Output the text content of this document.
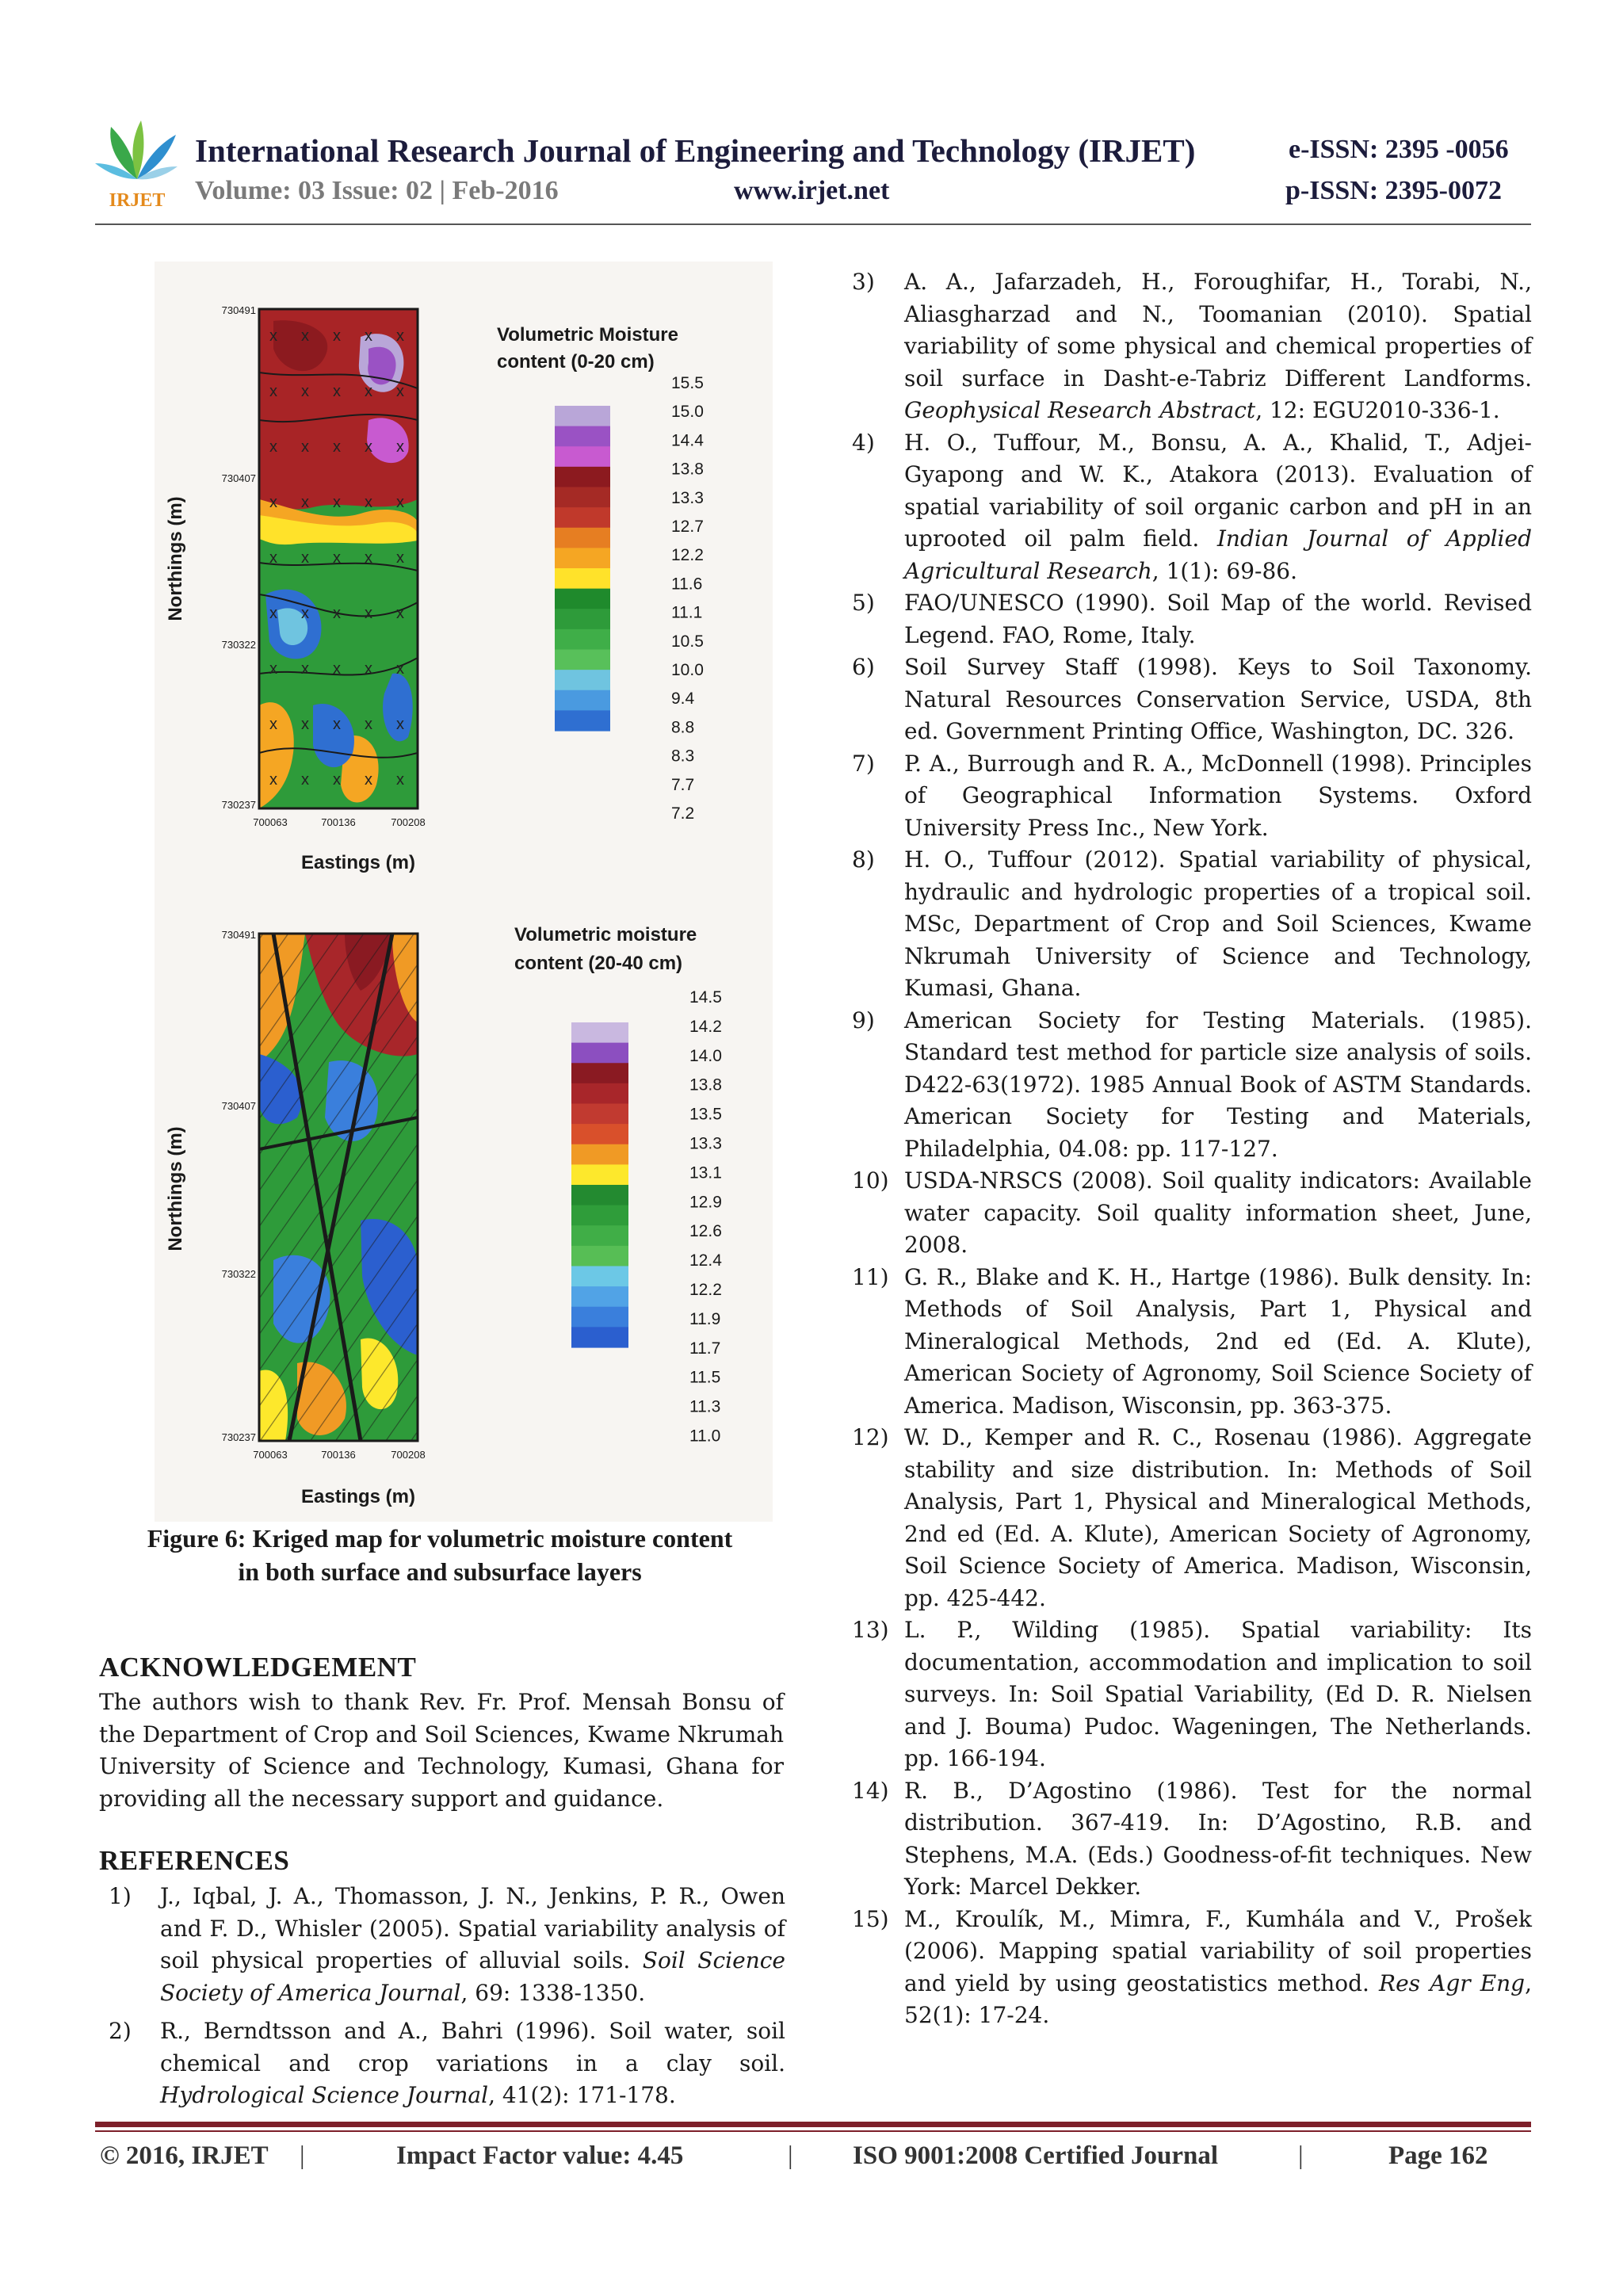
IRJET
International Research Journal of Engineering and Technology (IRJET)	e-ISSN: 2395 -0056
Volume: 03 Issue: 02 | Feb-2016	www.irjet.net	p-ISSN: 2395-0072
x x x x x
x x x x x
x x x x x
x x x x x
x x x x x
x x x x x
x x x x x
x x x x x
x x x x x
730491
730407
730322
730237
700063	700136	700208
Northings (m)
Eastings (m)
Volumetric Moisture
content (0-20 cm)
15.5
15.0
14.4
13.8
13.3
12.7
12.2
11.6
11.1
10.5
10.0
9.4
8.8
8.3
7.7
7.2
730491
730407
730322
730237
700063	700136	700208
Northings (m)
Eastings (m)
Volumetric moisture
content (20-40 cm)
14.5
14.2
14.0
13.8
13.5
13.3
13.1
12.9
12.6
12.4
12.2
11.9
11.7
11.5
11.3
11.0
Figure 6: Kriged map for volumetric moisture content
in both surface and subsurface layers
ACKNOWLEDGEMENT
The authors wish to thank Rev. Fr. Prof. Mensah Bonsu of the Department of Crop and Soil Sciences, Kwame Nkrumah University of Science and Technology, Kumasi, Ghana for providing all the necessary support and guidance.
REFERENCES
1) J., Iqbal, J. A., Thomasson, J. N., Jenkins, P. R., Owen and F. D., Whisler (2005). Spatial variability analysis of soil physical properties of alluvial soils. Soil Science Society of America Journal, 69: 1338-1350.
2) R., Berndtsson and A., Bahri (1996). Soil water, soil chemical and crop variations in a clay soil. Hydrological Science Journal, 41(2): 171-178.
3) A. A., Jafarzadeh, H., Foroughifar, H., Torabi, N., Aliasgharzad and N., Toomanian (2010). Spatial variability of some physical and chemical properties of soil surface in Dasht-e-Tabriz Different Landforms. Geophysical Research Abstract, 12: EGU2010-336-1.
4) H. O., Tuffour, M., Bonsu, A. A., Khalid, T., Adjei-Gyapong and W. K., Atakora (2013). Evaluation of spatial variability of soil organic carbon and pH in an uprooted oil palm field. Indian Journal of Applied Agricultural Research, 1(1): 69-86.
5) FAO/UNESCO (1990). Soil Map of the world. Revised Legend. FAO, Rome, Italy.
6) Soil Survey Staff (1998). Keys to Soil Taxonomy. Natural Resources Conservation Service, USDA, 8th ed. Government Printing Office, Washington, DC. 326.
7) P. A., Burrough and R. A., McDonnell (1998). Principles of Geographical Information Systems. Oxford University Press Inc., New York.
8) H. O., Tuffour (2012). Spatial variability of physical, hydraulic and hydrologic properties of a tropical soil. MSc, Department of Crop and Soil Sciences, Kwame Nkrumah University of Science and Technology, Kumasi, Ghana.
9) American Society for Testing Materials. (1985). Standard test method for particle size analysis of soils. D422-63(1972). 1985 Annual Book of ASTM Standards. American Society for Testing and Materials, Philadelphia, 04.08: pp. 117-127.
10) USDA-NRSCS (2008). Soil quality indicators: Available water capacity. Soil quality information sheet, June, 2008.
11) G. R., Blake and K. H., Hartge (1986). Bulk density. In: Methods of Soil Analysis, Part 1, Physical and Mineralogical Methods, 2nd ed (Ed. A. Klute), American Society of Agronomy, Soil Science Society of America. Madison, Wisconsin, pp. 363-375.
12) W. D., Kemper and R. C., Rosenau (1986). Aggregate stability and size distribution. In: Methods of Soil Analysis, Part 1, Physical and Mineralogical Methods, 2nd ed (Ed. A. Klute), American Society of Agronomy, Soil Science Society of America. Madison, Wisconsin, pp. 425-442.
13) L. P., Wilding (1985). Spatial variability: Its documentation, accommodation and implication to soil surveys. In: Soil Spatial Variability, (Ed D. R. Nielsen and J. Bouma) Pudoc. Wageningen, The Netherlands. pp. 166-194.
14) R. B., D’Agostino (1986). Test for the normal distribution. 367-419. In: D’Agostino, R.B. and Stephens, M.A. (Eds.) Goodness-of-fit techniques. New York: Marcel Dekker.
15) M., Kroulík, M., Mimra, F., Kumhála and V., Prošek (2006). Mapping spatial variability of soil properties and yield by using geostatistics method. Res Agr Eng, 52(1): 17-24.
© 2016, IRJET |	Impact Factor value: 4.45	| ISO 9001:2008 Certified Journal	|	Page 162
